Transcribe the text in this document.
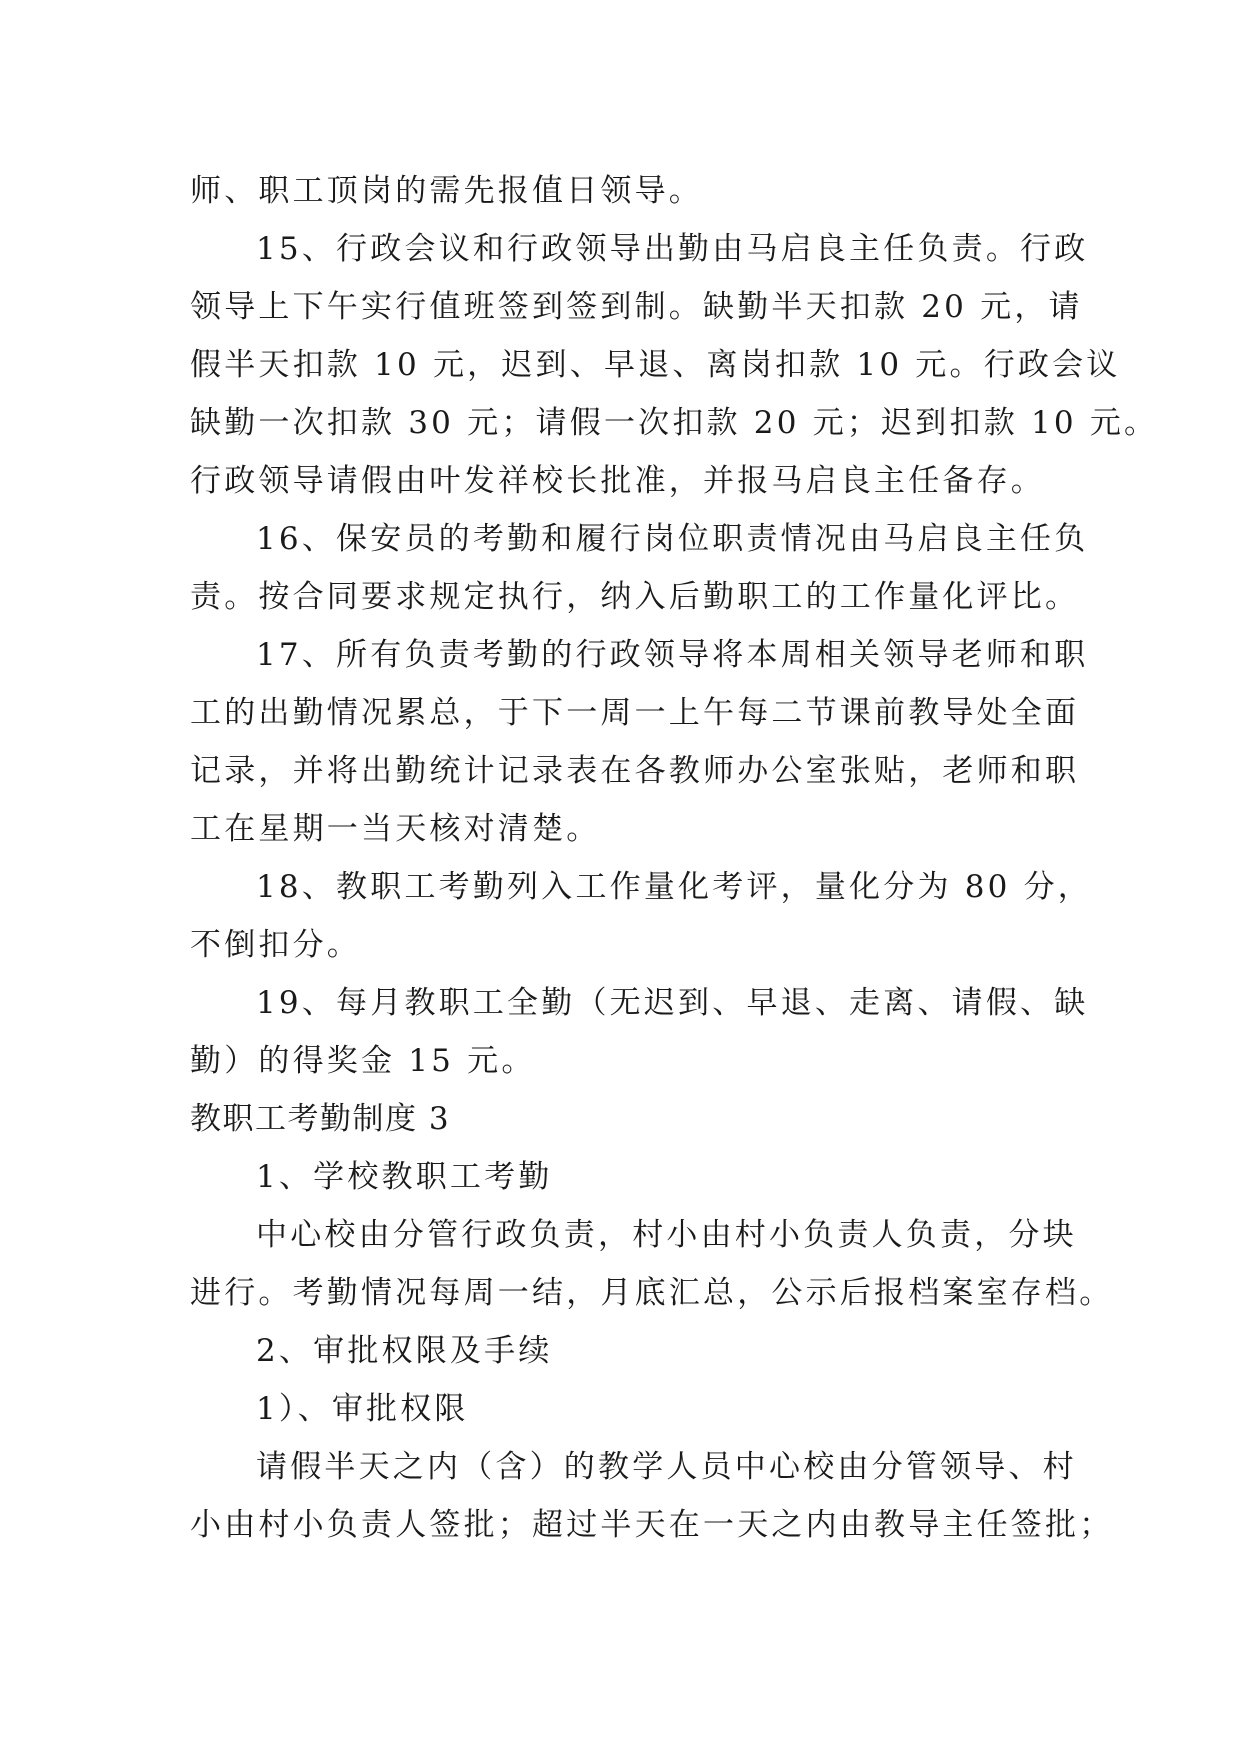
师、职工顶岗的需先报值日领导。
15、行政会议和行政领导出勤由马启良主任负责。行政
领导上下午实行值班签到签到制。缺勤半天扣款 20 元，请
假半天扣款 10 元，迟到、早退、离岗扣款 10 元。行政会议
缺勤一次扣款 30 元；请假一次扣款 20 元；迟到扣款 10 元。
行政领导请假由叶发祥校长批准，并报马启良主任备存。
16、保安员的考勤和履行岗位职责情况由马启良主任负
责。按合同要求规定执行，纳入后勤职工的工作量化评比。
17、所有负责考勤的行政领导将本周相关领导老师和职
工的出勤情况累总，于下一周一上午每二节课前教导处全面
记录，并将出勤统计记录表在各教师办公室张贴，老师和职
工在星期一当天核对清楚。
18、教职工考勤列入工作量化考评，量化分为 80 分，
不倒扣分。
19、每月教职工全勤（无迟到、早退、走离、请假、缺
勤）的得奖金 15 元。
教职工考勤制度 3
1、学校教职工考勤
中心校由分管行政负责，村小由村小负责人负责，分块
进行。考勤情况每周一结，月底汇总，公示后报档案室存档。
2、审批权限及手续
1）、审批权限
请假半天之内（含）的教学人员中心校由分管领导、村
小由村小负责人签批；超过半天在一天之内由教导主任签批；
